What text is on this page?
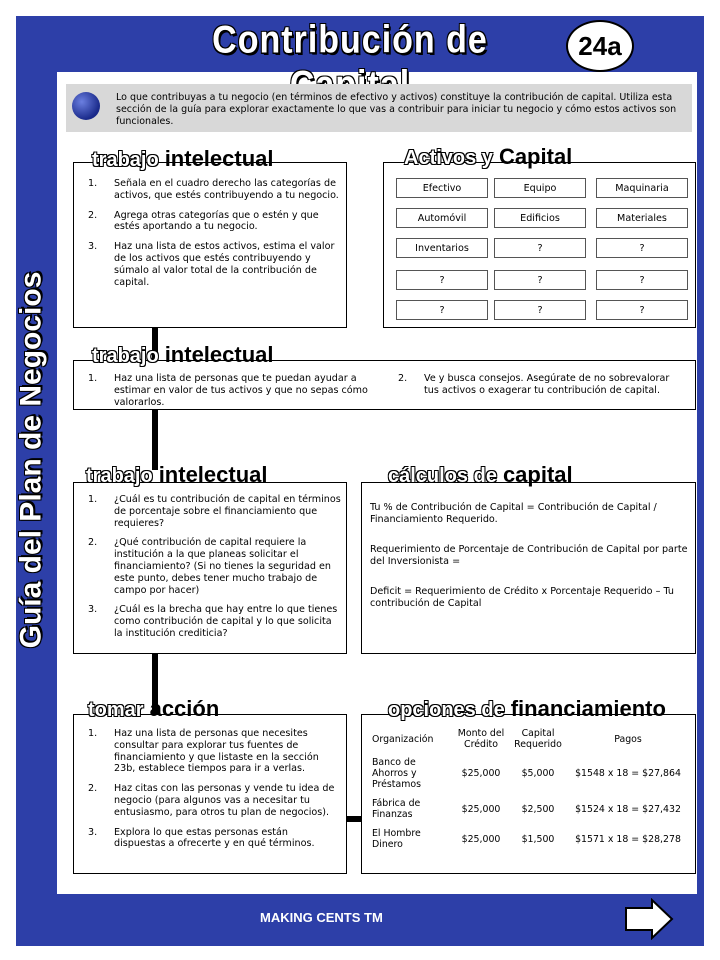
Contribución de	24a
Guía del Plan de Negocios

Lo que contribuyas a tu negocio (en términos de efectivo y activos) constituye la contribución de capital. Utiliza esta sección de la guía para explorar exactamente lo que vas a contribuir para iniciar tu negocio y cómo estos activos son funcionales.

trabajo intelectual
1.	Señala en el cuadro derecho las categorías de activos, que estés contribuyendo a tu negocio.
2.	Agrega otras categorías que o estén y que estés aportando a tu negocio.
3.	Haz una lista de estos activos, estima el valor de los activos que estés contribuyendo y súmalo al valor total de la contribución de capital.
Activos y Capital
Efectivo	Equipo	Maquinaria
Automóvil	Edificios	Materiales
Inventarios	?	?
?	?	?
?	?	?
trabajo intelectual
1.	Haz una lista de personas que te puedan ayudar a estimar en valor de tus activos y que no sepas cómo valorarlos.
2.	Ve y busca consejos. Asegúrate de no sobrevalorar tus activos o exagerar tu contribución de capital.
trabajo intelectual
1.	¿Cuál es tu contribución de capital en términos de porcentaje sobre el financiamiento que requieres?
2.	¿Qué contribución de capital requiere la institución a la que planeas solicitar el financiamiento? (Si no tienes la seguridad en este punto, debes tener mucho trabajo de campo por hacer)
3.	¿Cuál es la brecha que hay entre lo que tienes como contribución de capital y lo que solicita la institución crediticia?
cálculos de capital

Tu % de Contribución de Capital = Contribución de Capital / Financiamiento Requerido.

Requerimiento de Porcentaje de Contribución de Capital por parte del Inversionista =

Deficit = Requerimiento de Crédito x Porcentaje Requerido – Tu contribución de Capital

tomar acción
1.	Haz una lista de personas que necesites consultar para explorar tus fuentes de financiamiento y que listaste en la sección 23b, establece tiempos para ir a verlas.
2.	Haz citas con las personas y vende tu idea de negocio (para algunos vas a necesitar tu entusiasmo, para otros tu plan de negocios).
3.	Explora lo que estas personas están dispuestas a ofrecerte y en qué términos.
opciones de financiamiento
Organización	Monto del Crédito	Capital Requerido	Pagos
Banco de Ahorros y Préstamos	$25,000	$5,000	$1548 x 18 = $27,864
Fábrica de Finanzas	$25,000	$2,500	$1524 x 18 = $27,432
El Hombre Dinero	$25,000	$1,500	$1571 x 18 = $28,278
MAKING CENTS TM
